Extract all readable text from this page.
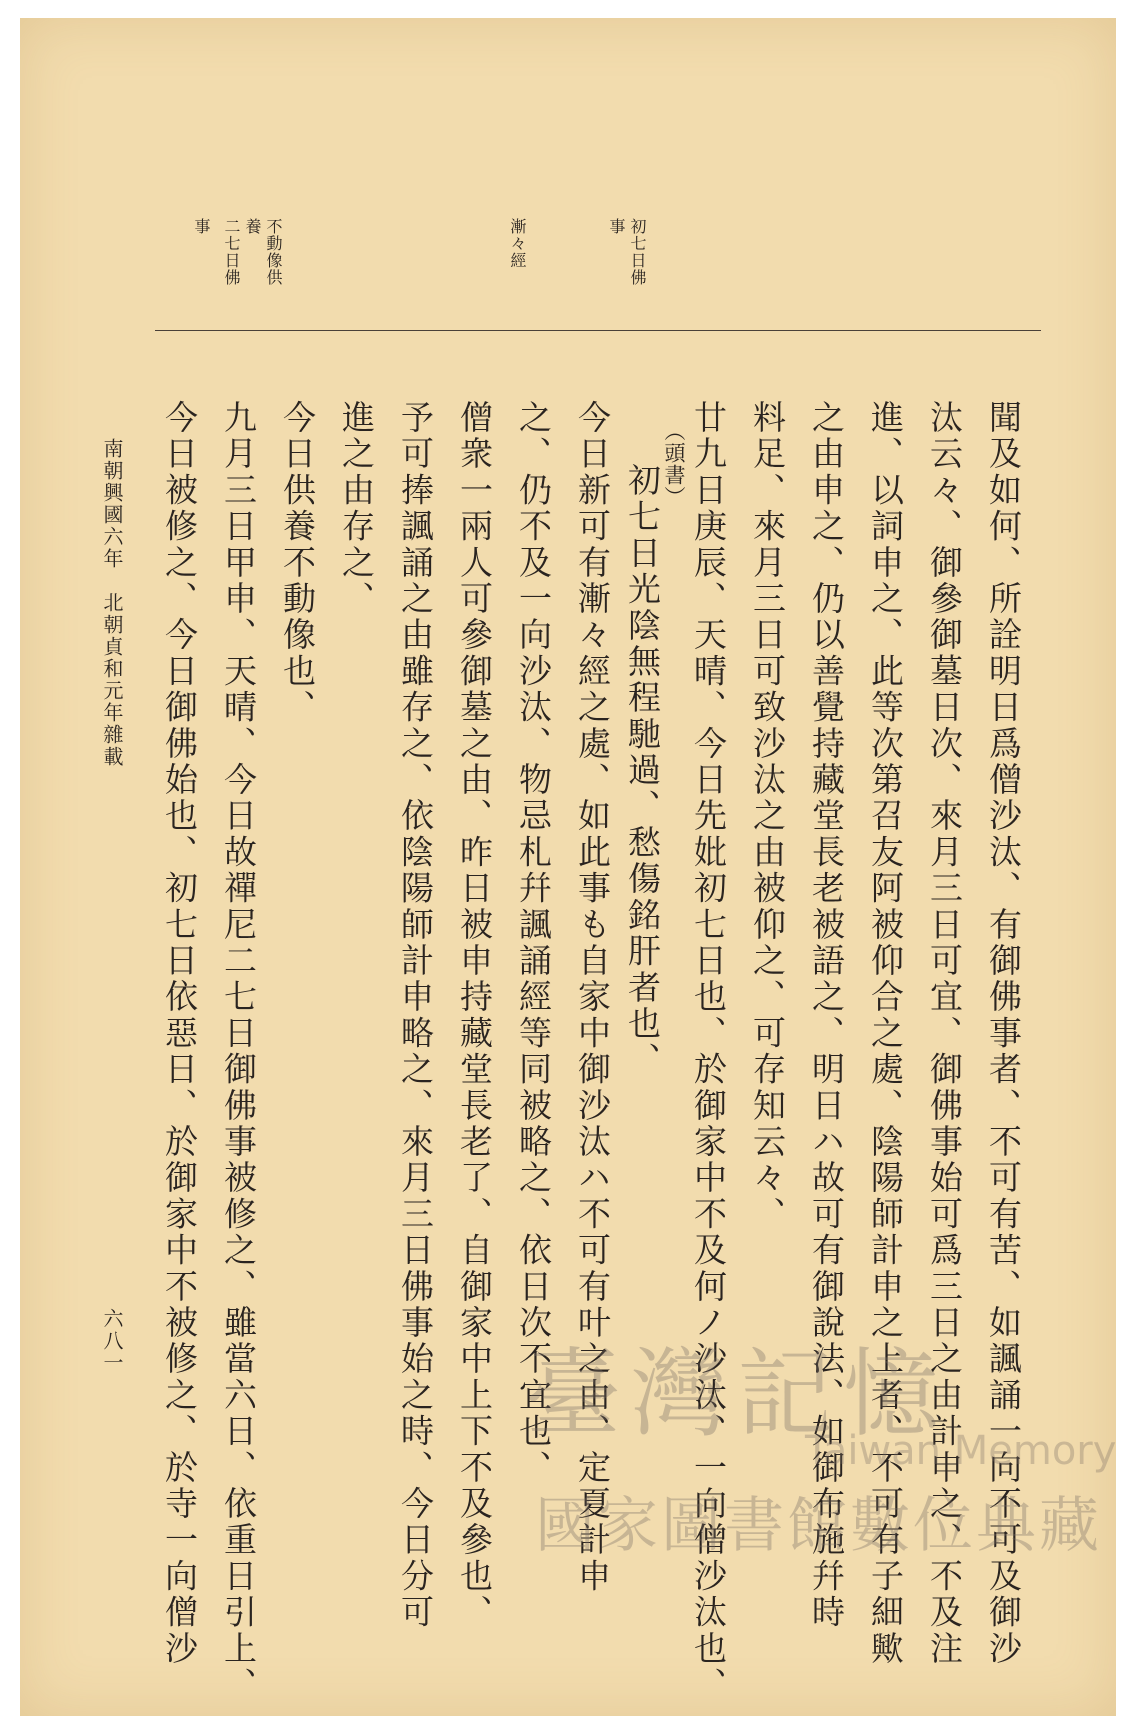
初七日佛
事
漸々經
不動像供
養
二七日佛
事
聞及如何、所詮明日爲僧沙汰、有御佛事者、不可有苦、如諷誦一向不可及御沙
汰云々、御參御墓日次、來月三日可宜、御佛事始可爲三日之由計申之、不及注
進、以詞申之、此等次第召友阿被仰合之處、陰陽師計申之上者、不可有子細歟
之由申之、仍以善覺持藏堂長老被語之、明日ハ故可有御說法、如御布施幷時
料足、來月三日可致沙汰之由被仰之、可存知云々、
廿九日庚辰、天晴、今日先妣初七日也、於御家中不及何ノ沙汰、一向僧沙汰也、
（頭書）
初七日光陰無程馳過、愁傷銘肝者也、
今日新可有漸々經之處、如此事も自家中御沙汰ハ不可有叶之由、定夏計申
之、仍不及一向沙汰、物忌札幷諷誦經等同被略之、依日次不宜也、
僧衆一兩人可參御墓之由、昨日被申持藏堂長老了、自御家中上下不及參也、
予可捧諷誦之由雖存之、依陰陽師計申略之、來月三日佛事始之時、今日分可
進之由存之、
今日供養不動像也、
九月三日甲申、天晴、今日故禪尼二七日御佛事被修之、雖當六日、依重日引上、
今日被修之、今日御佛始也、初七日依惡日、於御家中不被修之、於寺一向僧沙
南朝興國六年　北朝貞和元年雜載
六八一	臺灣記憶
Taiwan Memory
國家圖書館數位典藏
